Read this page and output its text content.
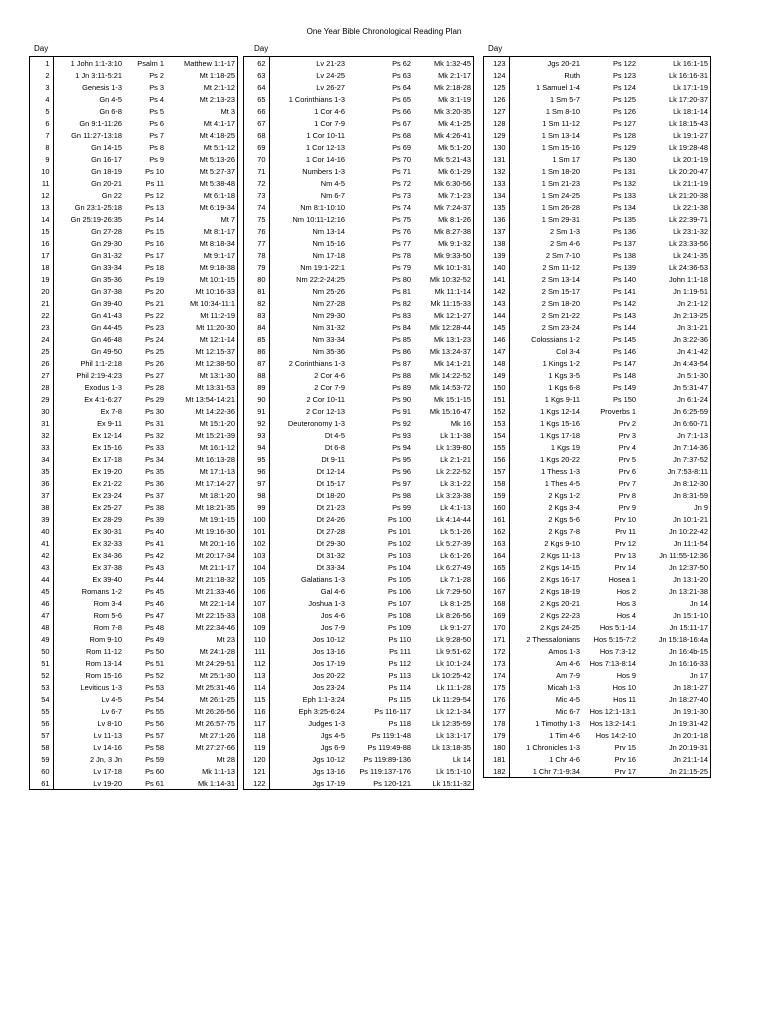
One Year Bible Chronological Reading Plan
Day	Day	Day
1	1 John 1:1-3:10	Psalm 1	Matthew 1:1-17
2	1 Jn 3:11-5:21	Ps 2	Mt 1:18-25
3	Genesis 1-3	Ps 3	Mt 2:1-12
4	Gn 4-5	Ps 4	Mt 2:13-23
5	Gn 6-8	Ps 5	Mt 3
6	Gn 9:1-11:26	Ps 6	Mt 4:1-17
7	Gn 11:27-13:18	Ps 7	Mt 4:18-25
8	Gn 14-15	Ps 8	Mt 5:1-12
9	Gn 16-17	Ps 9	Mt 5:13-26
10	Gn 18-19	Ps 10	Mt 5:27-37
11	Gn 20-21	Ps 11	Mt 5:38-48
12	Gn 22	Ps 12	Mt 6:1-18
13	Gn 23:1-25:18	Ps 13	Mt 6:19-34
14	Gn 25:19-26:35	Ps 14	Mt 7
15	Gn 27-28	Ps 15	Mt 8:1-17
16	Gn 29-30	Ps 16	Mt 8:18-34
17	Gn 31-32	Ps 17	Mt 9:1-17
18	Gn 33-34	Ps 18	Mt 9:18-38
19	Gn 35-36	Ps 19	Mt 10:1-15
20	Gn 37-38	Ps 20	Mt 10:16-33
21	Gn 39-40	Ps 21	Mt 10:34-11:1
22	Gn 41-43	Ps 22	Mt 11:2-19
23	Gn 44-45	Ps 23	Mt 11:20-30
24	Gn 46-48	Ps 24	Mt 12:1-14
25	Gn 49-50	Ps 25	Mt 12:15-37
26	Phil 1:1-2:18	Ps 26	Mt 12:38-50
27	Phil 2:19-4:23	Ps 27	Mt 13:1-30
28	Exodus 1-3	Ps 28	Mt 13:31-53
29	Ex 4:1-6:27	Ps 29	Mt 13:54-14:21
30	Ex 7-8	Ps 30	Mt 14:22-36
31	Ex 9-11	Ps 31	Mt 15:1-20
32	Ex 12-14	Ps 32	Mt 15:21-39
33	Ex 15-16	Ps 33	Mt 16:1-12
34	Ex 17-18	Ps 34	Mt 16:13-28
35	Ex 19-20	Ps 35	Mt 17:1-13
36	Ex 21-22	Ps 36	Mt 17:14-27
37	Ex 23-24	Ps 37	Mt 18:1-20
38	Ex 25-27	Ps 38	Mt 18:21-35
39	Ex 28-29	Ps 39	Mt 19:1-15
40	Ex 30-31	Ps 40	Mt 19:16-30
41	Ex 32-33	Ps 41	Mt 20:1-16
42	Ex 34-36	Ps 42	Mt 20:17-34
43	Ex 37-38	Ps 43	Mt 21:1-17
44	Ex 39-40	Ps 44	Mt 21:18-32
45	Romans 1-2	Ps 45	Mt 21:33-46
46	Rom 3-4	Ps 46	Mt 22:1-14
47	Rom 5-6	Ps 47	Mt 22:15-33
48	Rom 7-8	Ps 48	Mt 22:34-46
49	Rom 9-10	Ps 49	Mt 23
50	Rom 11-12	Ps 50	Mt 24:1-28
51	Rom 13-14	Ps 51	Mt 24:29-51
52	Rom 15-16	Ps 52	Mt 25:1-30
53	Leviticus 1-3	Ps 53	Mt 25:31-46
54	Lv 4-5	Ps 54	Mt 26:1-25
55	Lv 6-7	Ps 55	Mt 26:26-56
56	Lv 8-10	Ps 56	Mt 26:57-75
57	Lv 11-13	Ps 57	Mt 27:1-26
58	Lv 14-16	Ps 58	Mt 27:27-66
59	2 Jn, 3 Jn	Ps 59	Mt 28
60	Lv 17-18	Ps 60	Mk 1:1-13
61	Lv 19-20	Ps 61	Mk 1:14-31
62	Lv 21-23	Ps 62	Mk 1:32-45
63	Lv 24-25	Ps 63	Mk 2:1-17
64	Lv 26-27	Ps 64	Mk 2:18-28
65	1 Corinthians 1-3	Ps 65	Mk 3:1-19
66	1 Cor 4-6	Ps 66	Mk 3:20-35
67	1 Cor 7-9	Ps 67	Mk 4:1-25
68	1 Cor 10-11	Ps 68	Mk 4:26-41
69	1 Cor 12-13	Ps 69	Mk 5:1-20
70	1 Cor 14-16	Ps 70	Mk 5:21-43
71	Numbers 1-3	Ps 71	Mk 6:1-29
72	Nm 4-5	Ps 72	Mk 6:30-56
73	Nm 6-7	Ps 73	Mk 7:1-23
74	Nm 8:1-10:10	Ps 74	Mk 7:24-37
75	Nm 10:11-12:16	Ps 75	Mk 8:1-26
76	Nm 13-14	Ps 76	Mk 8:27-38
77	Nm 15-16	Ps 77	Mk 9:1-32
78	Nm 17-18	Ps 78	Mk 9:33-50
79	Nm 19:1-22:1	Ps 79	Mk 10:1-31
80	Nm 22:2-24:25	Ps 80	Mk 10:32-52
81	Nm 25-26	Ps 81	Mk 11:1-14
82	Nm 27-28	Ps 82	Mk 11:15-33
83	Nm 29-30	Ps 83	Mk 12:1-27
84	Nm 31-32	Ps 84	Mk 12:28-44
85	Nm 33-34	Ps 85	Mk 13:1-23
86	Nm 35-36	Ps 86	Mk 13:24-37
87	2 Corinthians 1-3	Ps 87	Mk 14:1-21
88	2 Cor 4-6	Ps 88	Mk 14:22-52
89	2 Cor 7-9	Ps 89	Mk 14:53-72
90	2 Cor 10-11	Ps 90	Mk 15:1-15
91	2 Cor 12-13	Ps 91	Mk 15:16-47
92	Deuteronomy 1-3	Ps 92	Mk 16
93	Dt 4-5	Ps 93	Lk 1:1-38
94	Dt 6-8	Ps 94	Lk 1:39-80
95	Dt 9-11	Ps 95	Lk 2:1-21
96	Dt 12-14	Ps 96	Lk 2:22-52
97	Dt 15-17	Ps 97	Lk 3:1-22
98	Dt 18-20	Ps 98	Lk 3:23-38
99	Dt 21-23	Ps 99	Lk 4:1-13
100	Dt 24-26	Ps 100	Lk 4:14-44
101	Dt 27-28	Ps 101	Lk 5:1-26
102	Dt 29-30	Ps 102	Lk 5:27-39
103	Dt 31-32	Ps 103	Lk 6:1-26
104	Dt 33-34	Ps 104	Lk 6:27-49
105	Galatians 1-3	Ps 105	Lk 7:1-28
106	Gal 4-6	Ps 106	Lk 7:29-50
107	Joshua 1-3	Ps 107	Lk 8:1-25
108	Jos 4-6	Ps 108	Lk 8:26-56
109	Jos 7-9	Ps 109	Lk 9:1-27
110	Jos 10-12	Ps 110	Lk 9:28-50
111	Jos 13-16	Ps 111	Lk 9:51-62
112	Jos 17-19	Ps 112	Lk 10:1-24
113	Jos 20-22	Ps 113	Lk 10:25-42
114	Jos 23-24	Ps 114	Lk 11:1-28
115	Eph 1:1-3:24	Ps 115	Lk 11:29-54
116	Eph 3:25-6:24	Ps 116-117	Lk 12:1-34
117	Judges 1-3	Ps 118	Lk 12:35-59
118	Jgs 4-5	Ps 119:1-48	Lk 13:1-17
119	Jgs 6-9	Ps 119:49-88	Lk 13:18-35
120	Jgs 10-12	Ps 119:89-136	Lk 14
121	Jgs 13-16	Ps 119:137-176	Lk 15:1-10
122	Jgs 17-19	Ps 120-121	Lk 15:11-32
123	Jgs 20-21	Ps 122	Lk 16:1-15
124	Ruth	Ps 123	Lk 16:16-31
125	1 Samuel 1-4	Ps 124	Lk 17:1-19
126	1 Sm 5-7	Ps 125	Lk 17:20-37
127	1 Sm 8-10	Ps 126	Lk 18:1-14
128	1 Sm 11-12	Ps 127	Lk 18:15-43
129	1 Sm 13-14	Ps 128	Lk 19:1-27
130	1 Sm 15-16	Ps 129	Lk 19:28-48
131	1 Sm 17	Ps 130	Lk 20:1-19
132	1 Sm 18-20	Ps 131	Lk 20:20-47
133	1 Sm 21-23	Ps 132	Lk 21:1-19
134	1 Sm 24-25	Ps 133	Lk 21:20-38
135	1 Sm 26-28	Ps 134	Lk 22:1-38
136	1 Sm 29-31	Ps 135	Lk 22:39-71
137	2 Sm 1-3	Ps 136	Lk 23:1-32
138	2 Sm 4-6	Ps 137	Lk 23:33-56
139	2 Sm 7-10	Ps 138	Lk 24:1-35
140	2 Sm 11-12	Ps 139	Lk 24:36-53
141	2 Sm 13-14	Ps 140	John 1:1-18
142	2 Sm 15-17	Ps 141	Jn 1:19-51
143	2 Sm 18-20	Ps 142	Jn 2:1-12
144	2 Sm 21-22	Ps 143	Jn 2:13-25
145	2 Sm 23-24	Ps 144	Jn 3:1-21
146	Colossians 1-2	Ps 145	Jn 3:22-36
147	Col 3-4	Ps 146	Jn 4:1-42
148	1 Kings 1-2	Ps 147	Jn 4:43-54
149	1 Kgs 3-5	Ps 148	Jn 5:1-30
150	1 Kgs 6-8	Ps 149	Jn 5:31-47
151	1 Kgs 9-11	Ps 150	Jn 6:1-24
152	1 Kgs 12-14	Proverbs 1	Jn 6:25-59
153	1 Kgs 15-16	Prv 2	Jn 6:60-71
154	1 Kgs 17-18	Prv 3	Jn 7:1-13
155	1 Kgs 19	Prv 4	Jn 7:14-36
156	1 Kgs 20-22	Prv 5	Jn 7:37-52
157	1 Thess 1-3	Prv 6	Jn 7:53-8:11
158	1 Thes 4-5	Prv 7	Jn 8:12-30
159	2 Kgs 1-2	Prv 8	Jn 8:31-59
160	2 Kgs 3-4	Prv 9	Jn 9
161	2 Kgs 5-6	Prv 10	Jn 10:1-21
162	2 Kgs 7-8	Prv 11	Jn 10:22-42
163	2 Kgs 9-10	Prv 12	Jn 11:1-54
164	2 Kgs 11-13	Prv 13	Jn 11:55-12:36
165	2 Kgs 14-15	Prv 14	Jn 12:37-50
166	2 Kgs 16-17	Hosea 1	Jn 13:1-20
167	2 Kgs 18-19	Hos 2	Jn 13:21-38
168	2 Kgs 20-21	Hos 3	Jn 14
169	2 Kgs 22-23	Hos 4	Jn 15:1-10
170	2 Kgs 24-25	Hos 5:1-14	Jn 15:11-17
171	2 Thessalonians	Hos 5:15-7:2	Jn 15:18-16:4a
172	Amos 1-3	Hos 7:3-12	Jn 16:4b-15
173	Am 4-6	Hos 7:13-8:14	Jn 16:16-33
174	Am 7-9	Hos 9	Jn 17
175	Micah 1-3	Hos 10	Jn 18:1-27
176	Mic 4-5	Hos 11	Jn 18:27-40
177	Mic 6-7	Hos 12:1-13:1	Jn 19:1-30
178	1 Timothy 1-3	Hos 13:2-14:1	Jn 19:31-42
179	1 Tim 4-6	Hos 14:2-10	Jn 20:1-18
180	1 Chronicles 1-3	Prv 15	Jn 20:19-31
181	1 Chr 4-6	Prv 16	Jn 21:1-14
182	1 Chr 7:1-9:34	Prv 17	Jn 21:15-25
